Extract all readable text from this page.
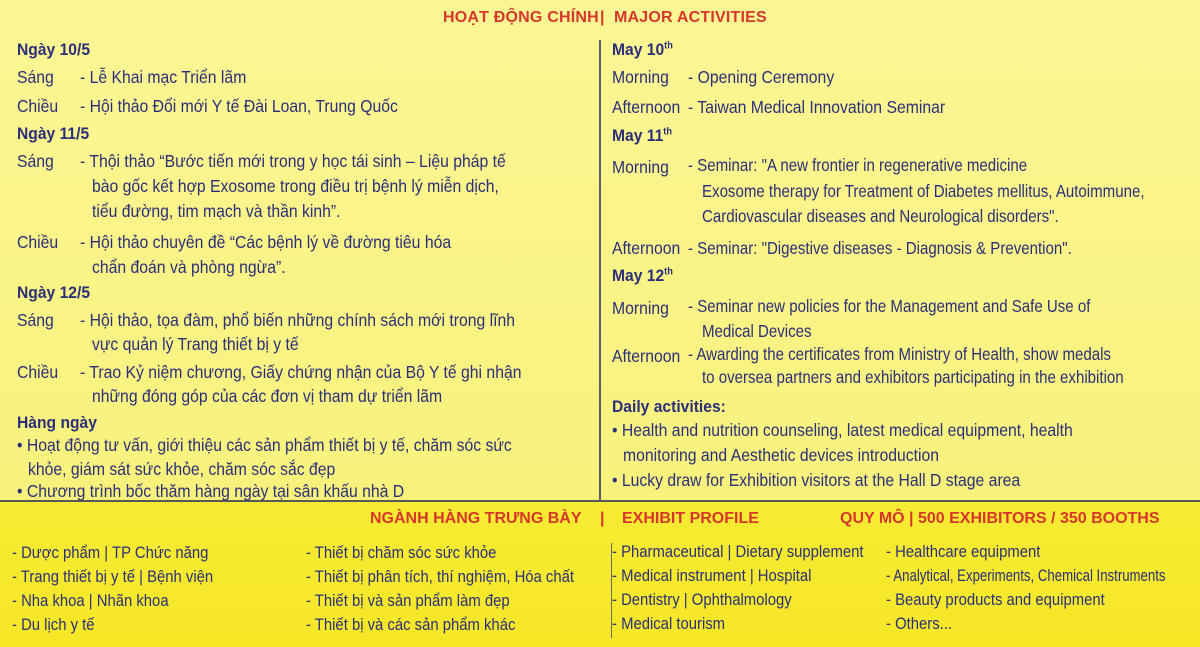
HOẠT ĐỘNG CHÍNH | MAJOR ACTIVITIES
Ngày 10/5
Sáng - Lễ Khai mạc Triển lãm
Chiều - Hội thảo Đổi mới Y tế Đài Loan, Trung Quốc
Ngày 11/5
Sáng - Thội thảo “Bước tiến mới trong y học tái sinh – Liệu pháp tế
bào gốc kết hợp Exosome trong điều trị bệnh lý miễn dịch,
tiểu đường, tim mạch và thần kinh”.
Chiều - Hội thảo chuyên đề “Các bệnh lý về đường tiêu hóa
chẩn đoán và phòng ngừa”.
Ngày 12/5
Sáng - Hội thảo, tọa đàm, phổ biến những chính sách mới trong lĩnh
vực quản lý Trang thiết bị y tế
Chiều - Trao Kỷ niệm chương, Giấy chứng nhận của Bộ Y tế ghi nhận
những đóng góp của các đơn vị tham dự triển lãm
Hàng ngày
• Hoạt động tư vấn, giới thiệu các sản phẩm thiết bị y tế, chăm sóc sức
khỏe, giám sát sức khỏe, chăm sóc sắc đẹp
• Chương trình bốc thăm hàng ngày tại sân khấu nhà D
May 10th
Morning - Opening Ceremony
Afternoon - Taiwan Medical Innovation Seminar
May 11th
Morning - Seminar: "A new frontier in regenerative medicine
Exosome therapy for Treatment of Diabetes mellitus, Autoimmune,
Cardiovascular diseases and Neurological disorders".
Afternoon - Seminar: "Digestive diseases - Diagnosis & Prevention".
May 12th
Morning - Seminar new policies for the Management and Safe Use of
Medical Devices
Afternoon - Awarding the certificates from Ministry of Health, show medals
to oversea partners and exhibitors participating in the exhibition
Daily activities:
• Health and nutrition counseling, latest medical equipment, health
monitoring and Aesthetic devices introduction
• Lucky draw for Exhibition visitors at the Hall D stage area
NGÀNH HÀNG TRƯNG BÀY | EXHIBIT PROFILE	QUY MÔ | 500 EXHIBITORS / 350 BOOTHS
- Dược phẩm | TP Chức năng
- Trang thiết bị y tế | Bệnh viện
- Nha khoa | Nhãn khoa
- Du lịch y tế
- Thiết bị chăm sóc sức khỏe
- Thiết bị phân tích, thí nghiệm, Hóa chất
- Thiết bị và sản phẩm làm đẹp
- Thiết bị và các sản phẩm khác
- Pharmaceutical | Dietary supplement
- Medical instrument | Hospital
- Dentistry | Ophthalmology
- Medical tourism
- Healthcare equipment
- Analytical, Experiments, Chemical Instruments
- Beauty products and equipment
- Others...
